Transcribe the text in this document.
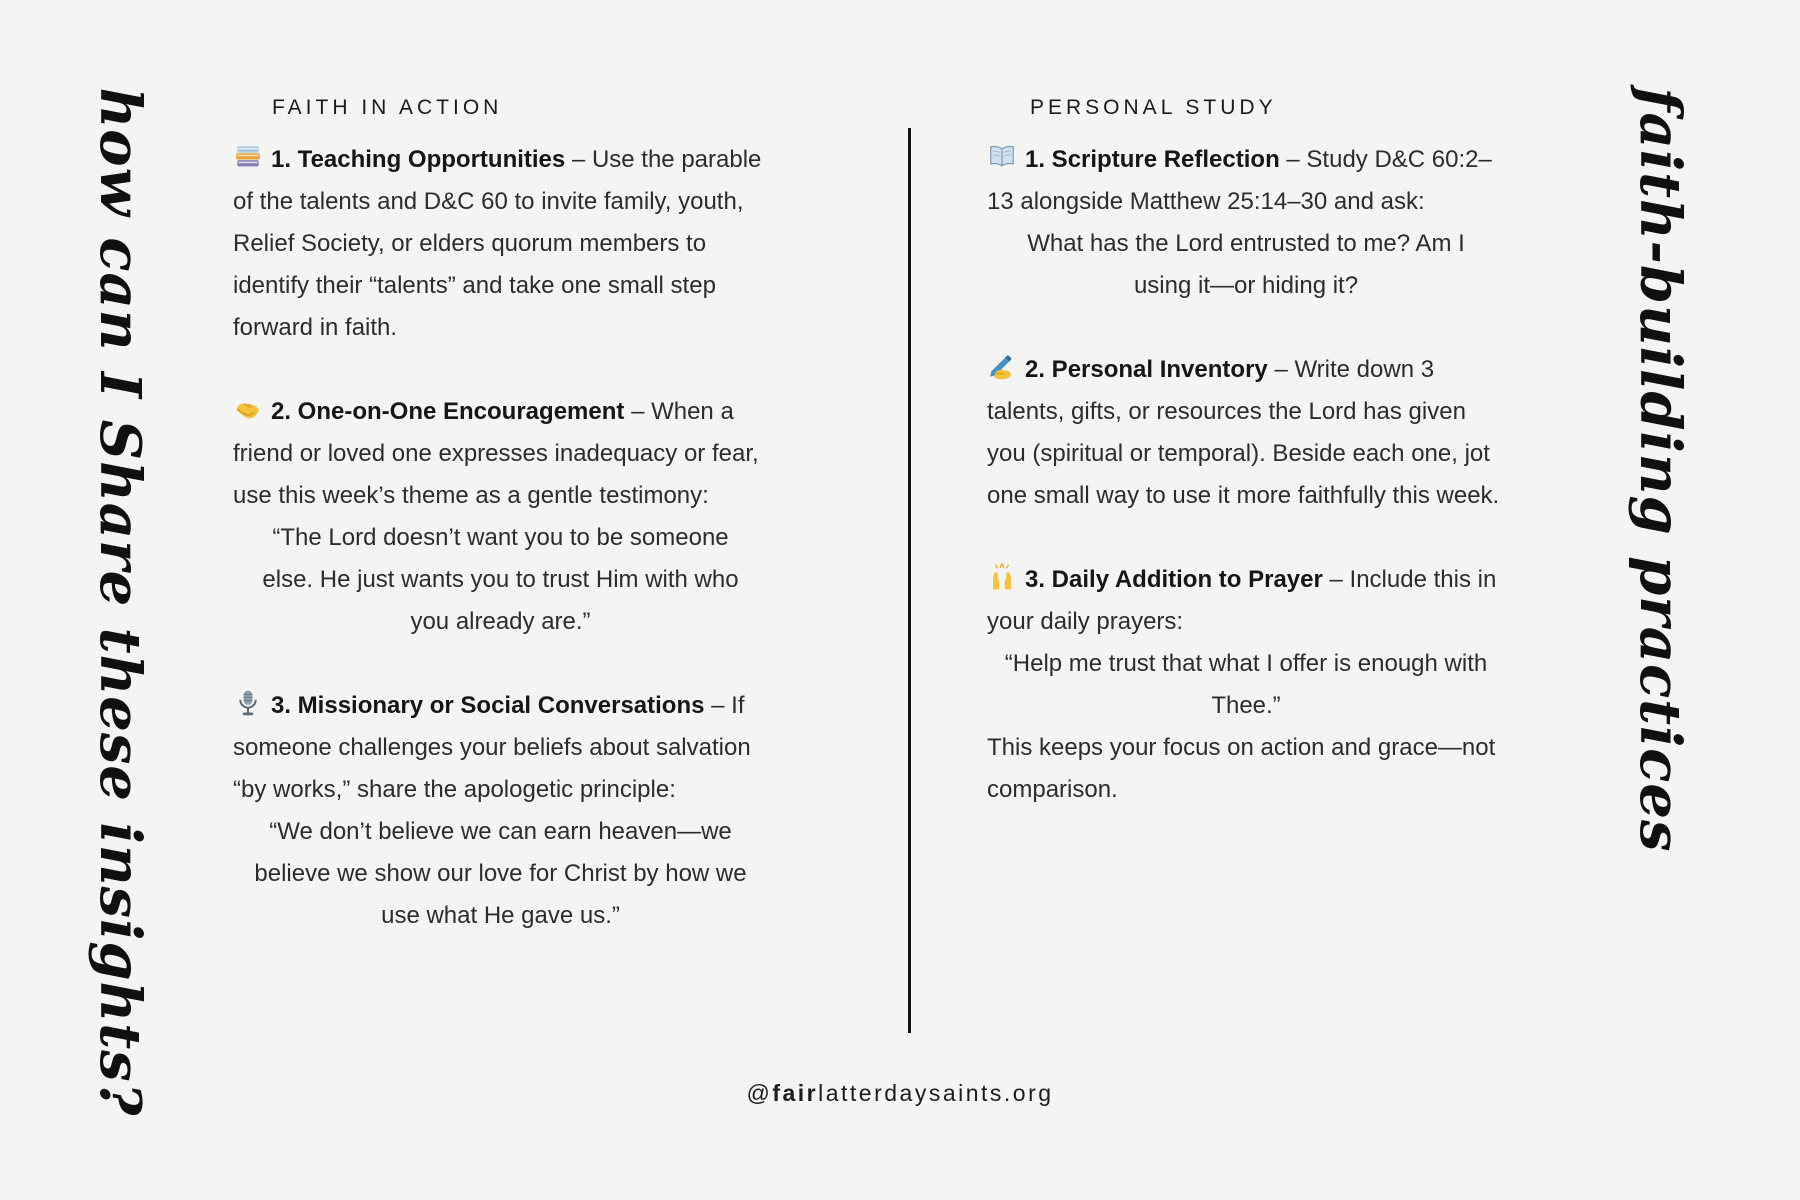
how can I Share these insights?	faith-building practices
FAITH IN ACTION	PERSONAL STUDY
1. Teaching Opportunities – Use the parable of the talents and D&C 60 to invite family, youth, Relief Society, or elders quorum members to identify their “talents” and take one small step forward in faith.
2. One-on-One Encouragement – When a friend or loved one expresses inadequacy or fear, use this week’s theme as a gentle testimony:
“The Lord doesn’t want you to be someone else. He just wants you to trust Him with who you already are.”
3. Missionary or Social Conversations – If someone challenges your beliefs about salvation “by works,” share the apologetic principle:
“We don’t believe we can earn heaven—we believe we show our love for Christ by how we use what He gave us.”
1. Scripture Reflection – Study D&C 60:2–13 alongside Matthew 25:14–30 and ask:
What has the Lord entrusted to me? Am I using it—or hiding it?
2. Personal Inventory – Write down 3 talents, gifts, or resources the Lord has given you (spiritual or temporal). Beside each one, jot one small way to use it more faithfully this week.
3. Daily Addition to Prayer – Include this in your daily prayers:
“Help me trust that what I offer is enough with Thee.”
This keeps your focus on action and grace—not comparison.
@fairlatterdaysaints.org
